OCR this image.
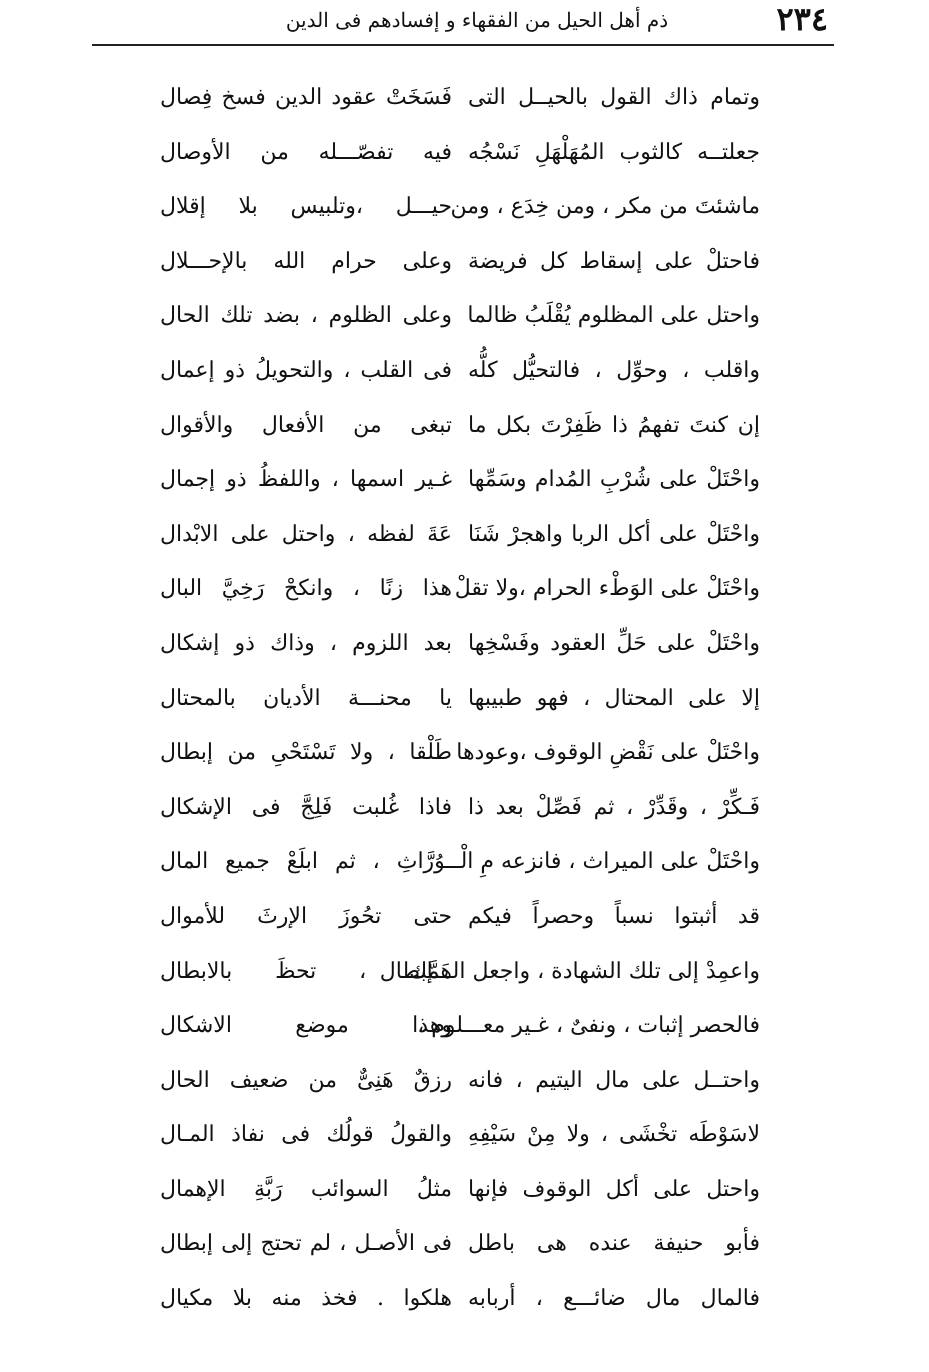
٢٣٤
ذم أهل الحيل من الفقهاء و إفسادهم فى الدين
وتمام ذاك القول بالحيــل التى
فَسَخَتْ عقود الدين فسخ فِصال
جعلتــه كالثوب المُهَلْهَلِ نَسْجُه
فيه تفصّـــله من الأوصال
ماشئتَ من مكر ، ومن خِدَع ، ومن
حيـــل ،وتلبيس بلا إقلال
فاحتلْ على إسقاط كل فريضة
وعلى حرام الله بالإحـــلال
واحتل على المظلوم يُقْلَبُ ظالما
وعلى الظلوم ، بضد تلك الحال
واقلب ، وحوِّل ، فالتحيُّل كلُّه
فى القلب ، والتحويلُ ذو إعمال
إن كنتَ تفهمُ ذا ظَفِرْتَ بكل ما
تبغى من الأفعال والأقوال
واحْتَلْ على شُرْبِ المُدام وسَمِّها
غـير اسمها ، واللفظُ ذو إجمال
واحْتَلْ على أكل الربا واهجرْ شَنَا
عَةَ لفظه ، واحتل على الابْدال
واحْتَلْ على الوَطْء الحرام ،ولا تقلْ
هذا زنًا ، وانكحْ رَخِيَّ البال
واحْتَلْ على حَلِّ العقود وفَسْخِها
بعد اللزوم ، وذاك ذو إشكال
إلا على المحتال ، فهو طبيبها
يا محنـــة الأديان بالمحتال
واحْتَلْ على نَقْضِ الوقوف ،وعودها
طَلْقا ، ولا تَسْتَحْىِ من إبطال
فَـكِّرْ ، وقَدِّرْ ، ثم فَصِّلْ بعد ذا
فاذا غُلبت فَلِجَّ فى الإشكال
واحْتَلْ على الميراث ، فانزعه مِ الْـــ
ـوُرَّاثِ ، ثم ابلَعْ جميع المال
قد أثبتوا نسباً وحصراً فيكم
حتى تحُوزَ الإرثَ للأموال
واعمِدْ إلى تلك الشهادة ، واجعل الـــإبطال
هَمَّك ، تحظَ بالابطال
فالحصر إثبات ، ونفىٌ ، غـير معـــلوم ،
وهذا موضع الاشكال
واحتــل على مال اليتيم ، فانه
رزقٌ هَنِىٌّ من ضعيف الحال
لاسَوْطَه تخْشَى ، ولا مِنْ سَيْفِهِ
والقولُ قولُك فى نفاذ المـال
واحتل على أكل الوقوف فإنها
مثلُ السوائب رَبَّةِ الإهمال
فأبو حنيفة عنده هى باطل
فى الأصـل ، لم تحتج إلى إبطال
فالمال مال ضائـــع ، أربابه
هلكوا . فخذ منه بلا مكيال
